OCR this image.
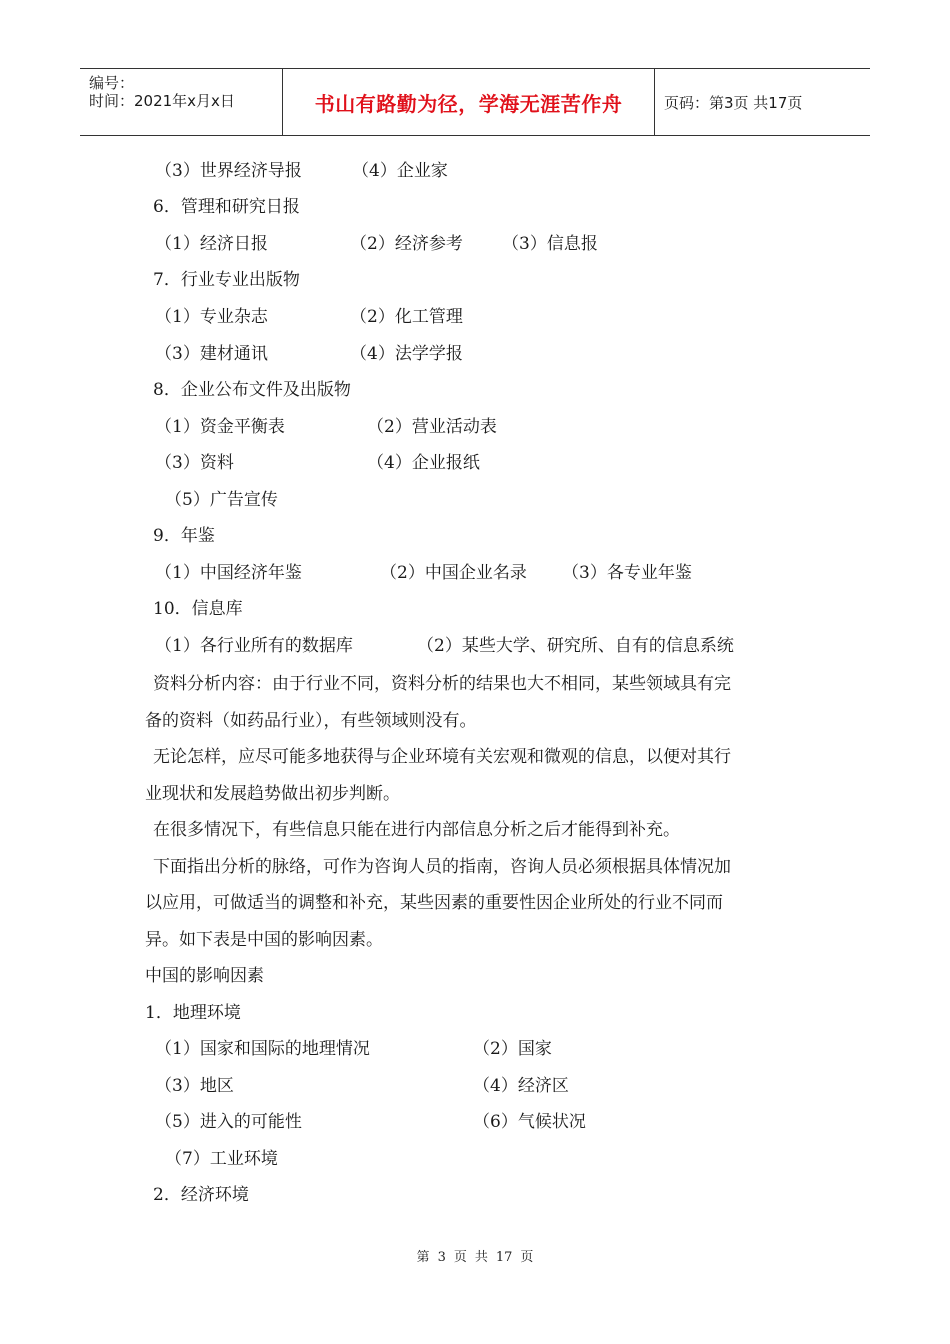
编号：
时间：2021年x月x日	书山有路勤为径，学海无涯苦作舟	页码：第3页 共17页
（3）世界经济导报	（4）企业家
6．管理和研究日报
（1）经济日报	（2）经济参考 （3）信息报
7．行业专业出版物
（1）专业杂志	（2）化工管理
（3）建材通讯	（4）法学学报
8．企业公布文件及出版物
（1）资金平衡表	（2）营业活动表
（3）资料	（4）企业报纸
（5）广告宣传
9．年鉴
（1）中国经济年鉴	（2）中国企业名录 （3）各专业年鉴
10．信息库
（1）各行业所有的数据库	（2）某些大学、研究所、自有的信息系统
资料分析内容：由于行业不同，资料分析的结果也大不相同，某些领域具有完
备的资料（如药品行业），有些领域则没有。
无论怎样，应尽可能多地获得与企业环境有关宏观和微观的信息，以便对其行
业现状和发展趋势做出初步判断。
在很多情况下，有些信息只能在进行内部信息分析之后才能得到补充。
下面指出分析的脉络，可作为咨询人员的指南，咨询人员必须根据具体情况加
以应用，可做适当的调整和补充，某些因素的重要性因企业所处的行业不同而
异。如下表是中国的影响因素。
中国的影响因素
1．地理环境
（1）国家和国际的地理情况	（2）国家
（3）地区	（4）经济区
（5）进入的可能性	（6）气候状况
（7）工业环境
2．经济环境
第 3 页 共 17 页
